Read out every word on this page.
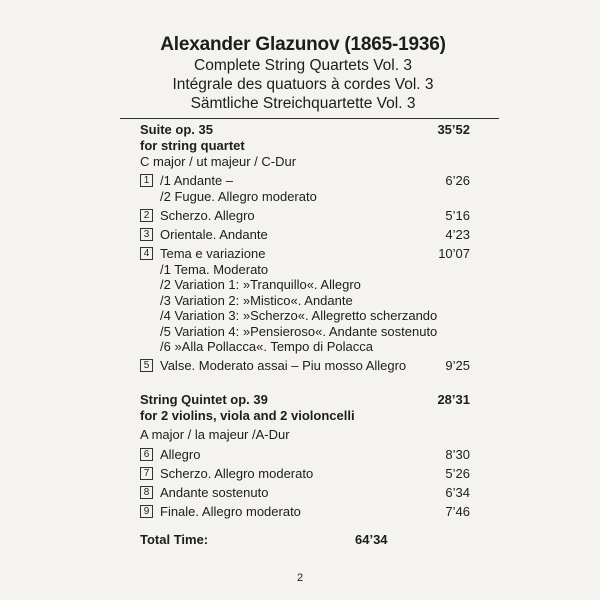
Alexander Glazunov (1865-1936)
Complete String Quartets Vol. 3
Intégrale des quatuors à cordes Vol. 3
Sämtliche Streichquartette Vol. 3
Suite op. 35	35’52
for string quartet
C major / ut majeur / C-Dur
1 /1 Andante –	6’26
/2 Fugue. Allegro moderato
2 Scherzo. Allegro	5’16
3 Orientale. Andante	4’23
4 Tema e variazione	10’07
/1 Tema. Moderato
/2 Variation 1: »Tranquillo«. Allegro
/3 Variation 2: »Mistico«. Andante
/4 Variation 3: »Scherzo«. Allegretto scherzando
/5 Variation 4: »Pensieroso«. Andante sostenuto
/6 »Alla Pollacca«. Tempo di Polacca
5 Valse. Moderato assai – Piu mosso Allegro	9’25
String Quintet op. 39	28’31
for 2 violins, viola and 2 violoncelli
A major / la majeur /A-Dur
6 Allegro	8’30
7 Scherzo. Allegro moderato	5’26
8 Andante sostenuto	6’34
9 Finale. Allegro moderato	7’46
Total Time:	64’34
2
